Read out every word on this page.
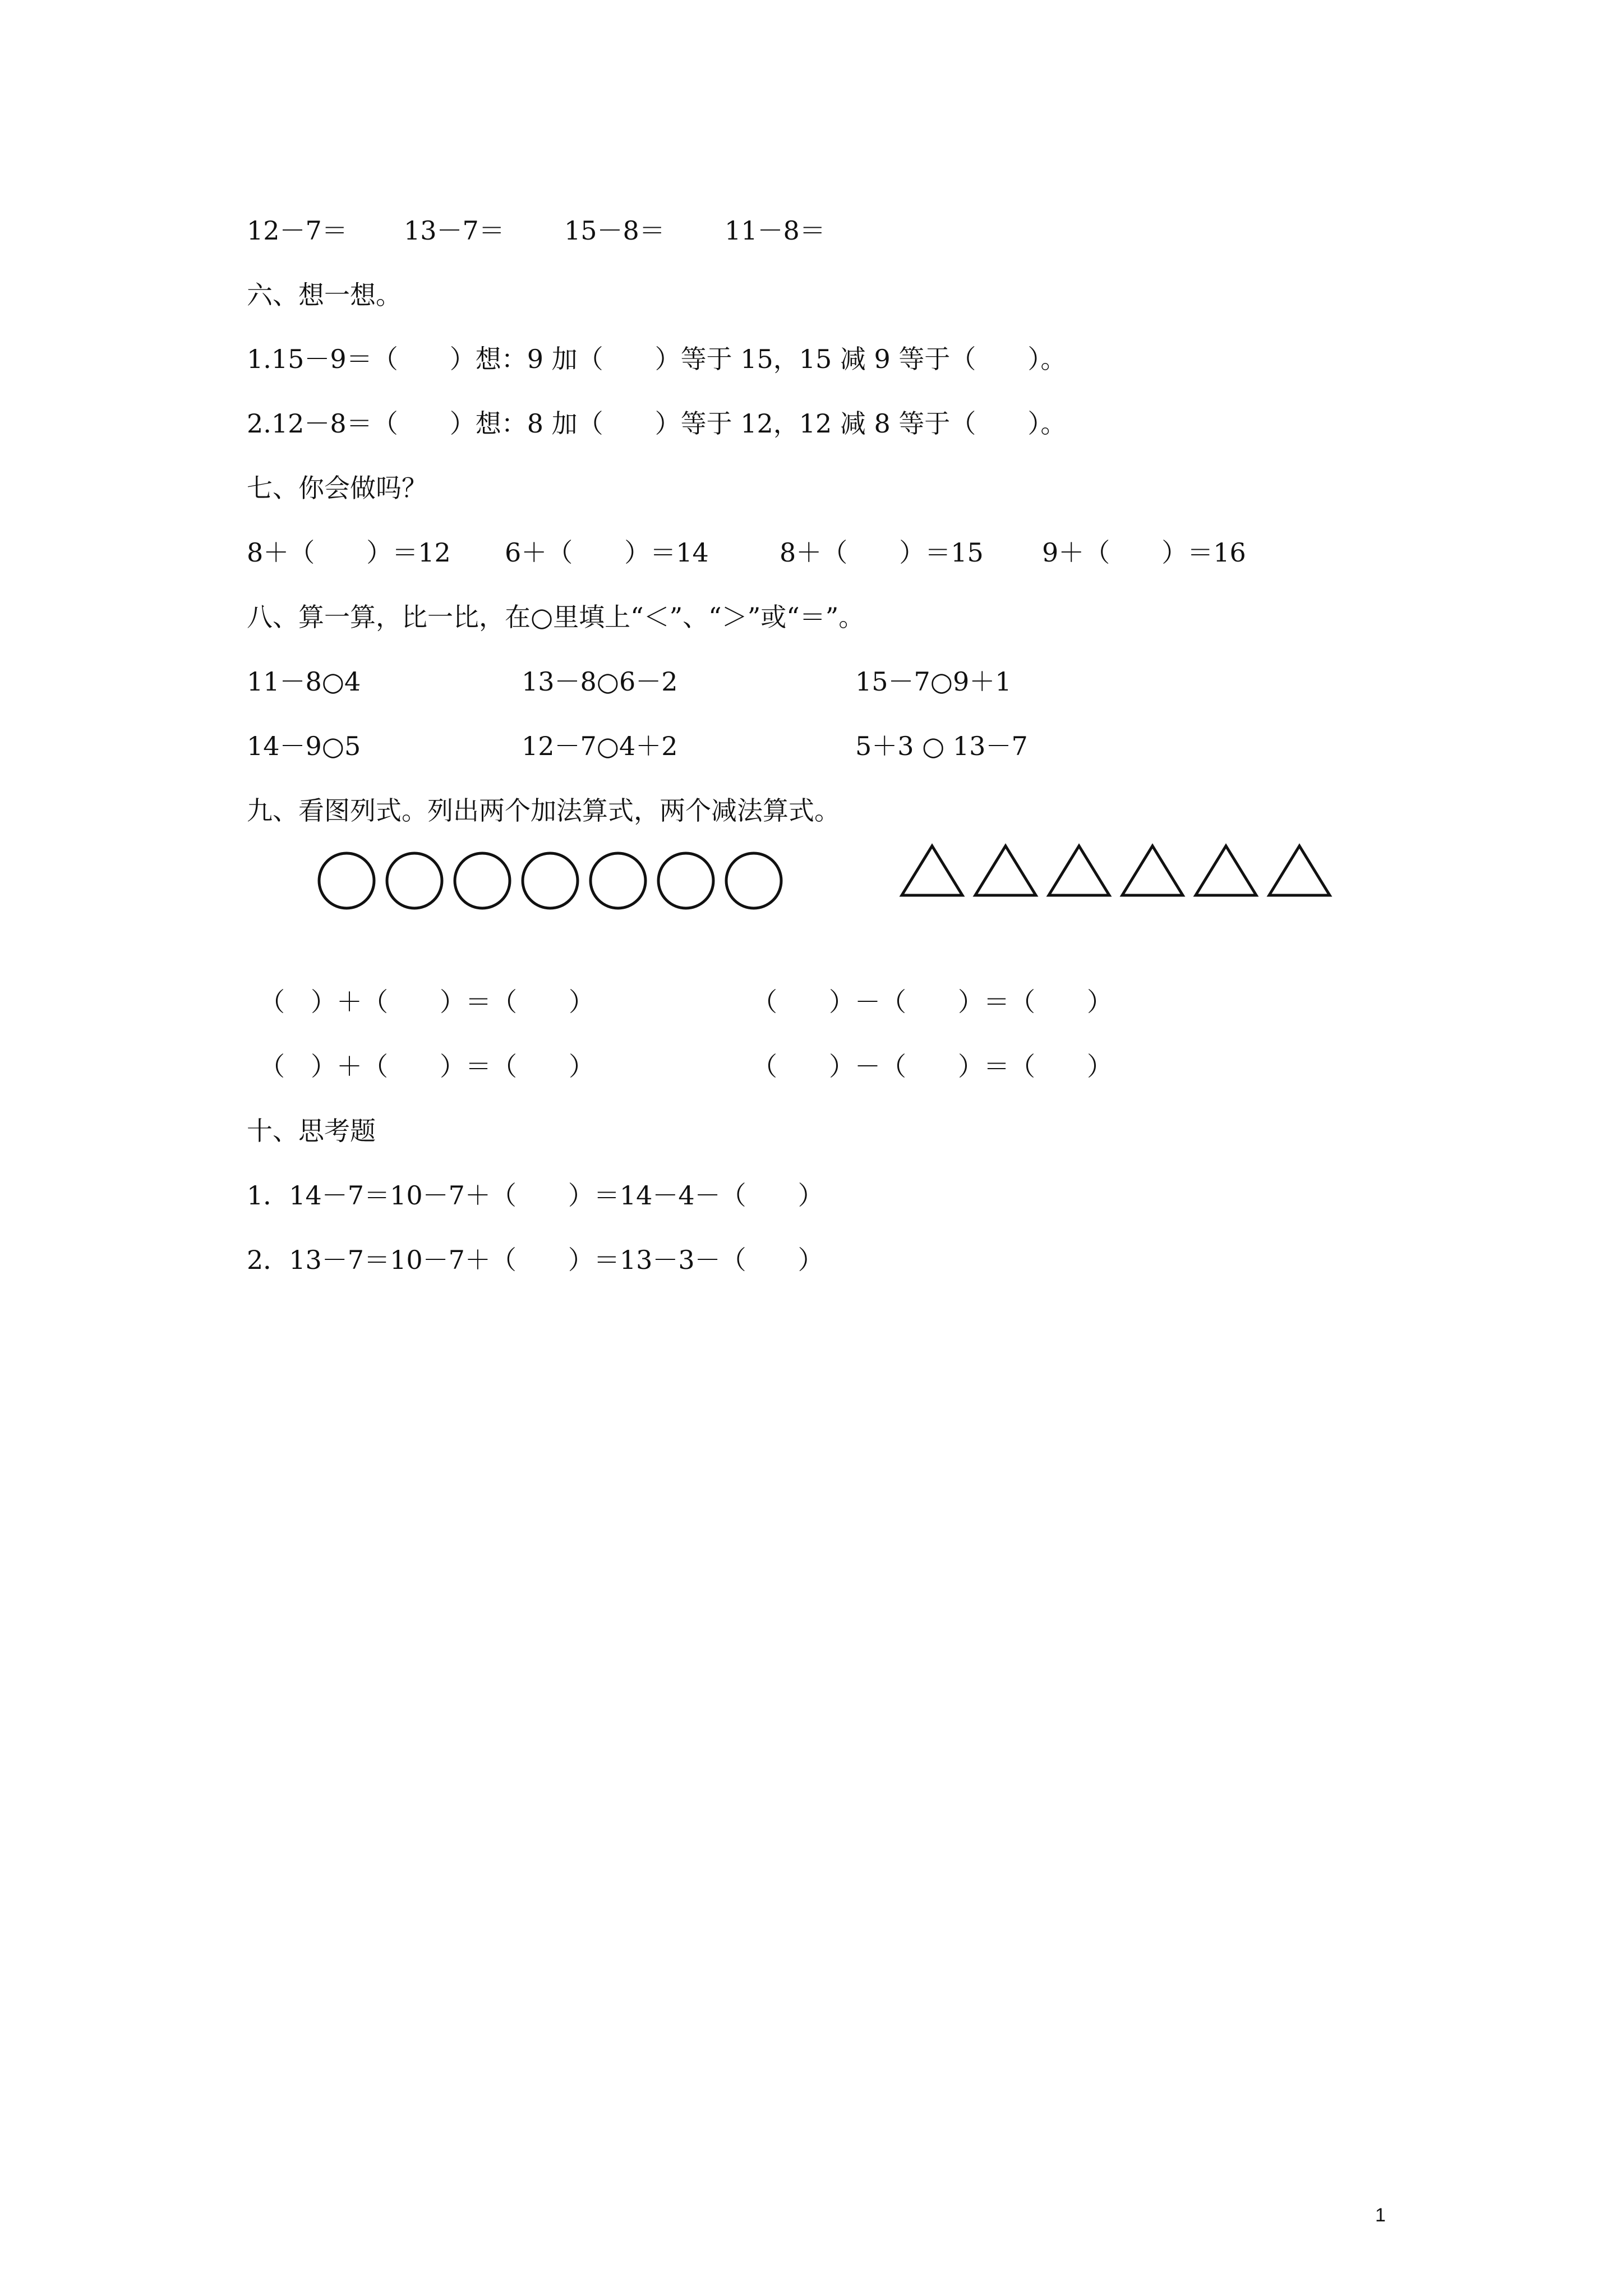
12－7＝ 13－7＝ 15－8＝ 11－8＝

六、想一想。

1.15－9＝（　　）想：9 加（　　）等于 15，15 减 9 等于（　　）。

2.12－8＝（　　）想：8 加（　　）等于 12，12 减 8 等于（　　）。

七、你会做吗？

8＋（　　）＝12 6＋（　　）＝14	8＋（　　）＝15 9＋（　　）＝16

八、算一算，比一比，在○里填上“＜”、“＞”或“＝”。

11－8○4	13－8○6－2	15－7○9＋1
14－9○5	12－7○4＋2	5＋3 ○ 13－7

九、看图列式。列出两个加法算式，两个减法算式。

（　）＋（　　）＝（　　）	（　　）－（　　）＝（　　）
（　）＋（　　）＝（　　）	（　　）－（　　）＝（　　）

十、思考题

1．14－7＝10－7＋（　　）＝14－4－（　　）

2．13－7＝10－7＋（　　）＝13－3－（　　）

1
